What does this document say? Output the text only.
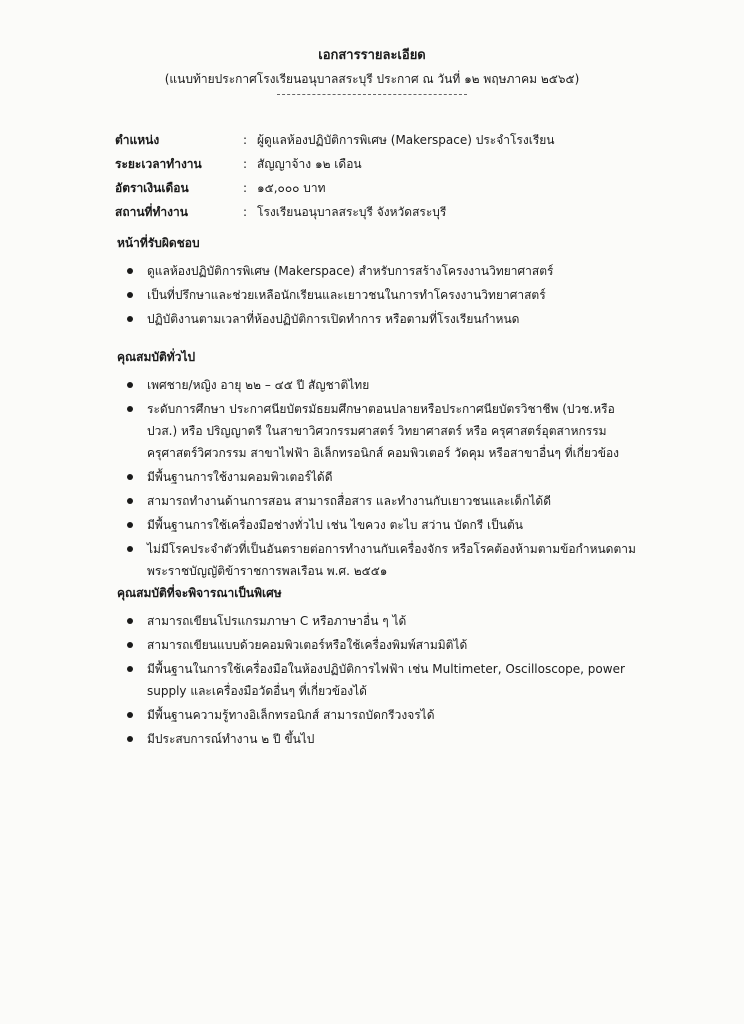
เอกสารรายละเอียด
(แนบท้ายประกาศโรงเรียนอนุบาลสระบุรี ประกาศ ณ วันที่ ๑๒ พฤษภาคม ๒๕๖๕)
ตำแหน่ง	: ผู้ดูแลห้องปฏิบัติการพิเศษ (Makerspace) ประจำโรงเรียน
ระยะเวลาทำงาน	: สัญญาจ้าง ๑๒ เดือน
อัตราเงินเดือน	: ๑๕,๐๐๐ บาท
สถานที่ทำงาน	: โรงเรียนอนุบาลสระบุรี จังหวัดสระบุรี
หน้าที่รับผิดชอบ
ดูแลห้องปฏิบัติการพิเศษ (Makerspace) สำหรับการสร้างโครงงานวิทยาศาสตร์
เป็นที่ปรึกษาและช่วยเหลือนักเรียนและเยาวชนในการทำโครงงานวิทยาศาสตร์
ปฏิบัติงานตามเวลาที่ห้องปฏิบัติการเปิดทำการ หรือตามที่โรงเรียนกำหนด
คุณสมบัติทั่วไป
เพศชาย/หญิง อายุ ๒๒ – ๔๕ ปี สัญชาติไทย
ระดับการศึกษา ประกาศนียบัตรมัธยมศึกษาตอนปลายหรือประกาศนียบัตรวิชาชีพ (ปวช.หรือ ปวส.) หรือ ปริญญาตรี ในสาขาวิศวกรรมศาสตร์ วิทยาศาสตร์ หรือ ครุศาสตร์อุตสาหกรรม ครุศาสตร์วิศวกรรม สาขาไฟฟ้า อิเล็กทรอนิกส์ คอมพิวเตอร์ วัดคุม หรือสาขาอื่นๆ ที่เกี่ยวข้อง
มีพื้นฐานการใช้งามคอมพิวเตอร์ได้ดี
สามารถทำงานด้านการสอน สามารถสื่อสาร และทำงานกับเยาวชนและเด็กได้ดี
มีพื้นฐานการใช้เครื่องมือช่างทั่วไป เช่น ไขควง ตะไบ สว่าน บัดกรี เป็นต้น
ไม่มีโรคประจำตัวที่เป็นอันตรายต่อการทำงานกับเครื่องจักร หรือโรคต้องห้ามตามข้อกำหนดตาม พระราชบัญญัติข้าราชการพลเรือน พ.ศ. ๒๕๕๑
คุณสมบัติที่จะพิจารณาเป็นพิเศษ
สามารถเขียนโปรแกรมภาษา C หรือภาษาอื่น ๆ ได้
สามารถเขียนแบบด้วยคอมพิวเตอร์หรือใช้เครื่องพิมพ์สามมิติได้
มีพื้นฐานในการใช้เครื่องมือในห้องปฏิบัติการไฟฟ้า เช่น Multimeter, Oscilloscope, power supply และเครื่องมือวัดอื่นๆ ที่เกี่ยวข้องได้
มีพื้นฐานความรู้ทางอิเล็กทรอนิกส์ สามารถบัดกรีวงจรได้
มีประสบการณ์ทำงาน ๒ ปี ขึ้นไป
